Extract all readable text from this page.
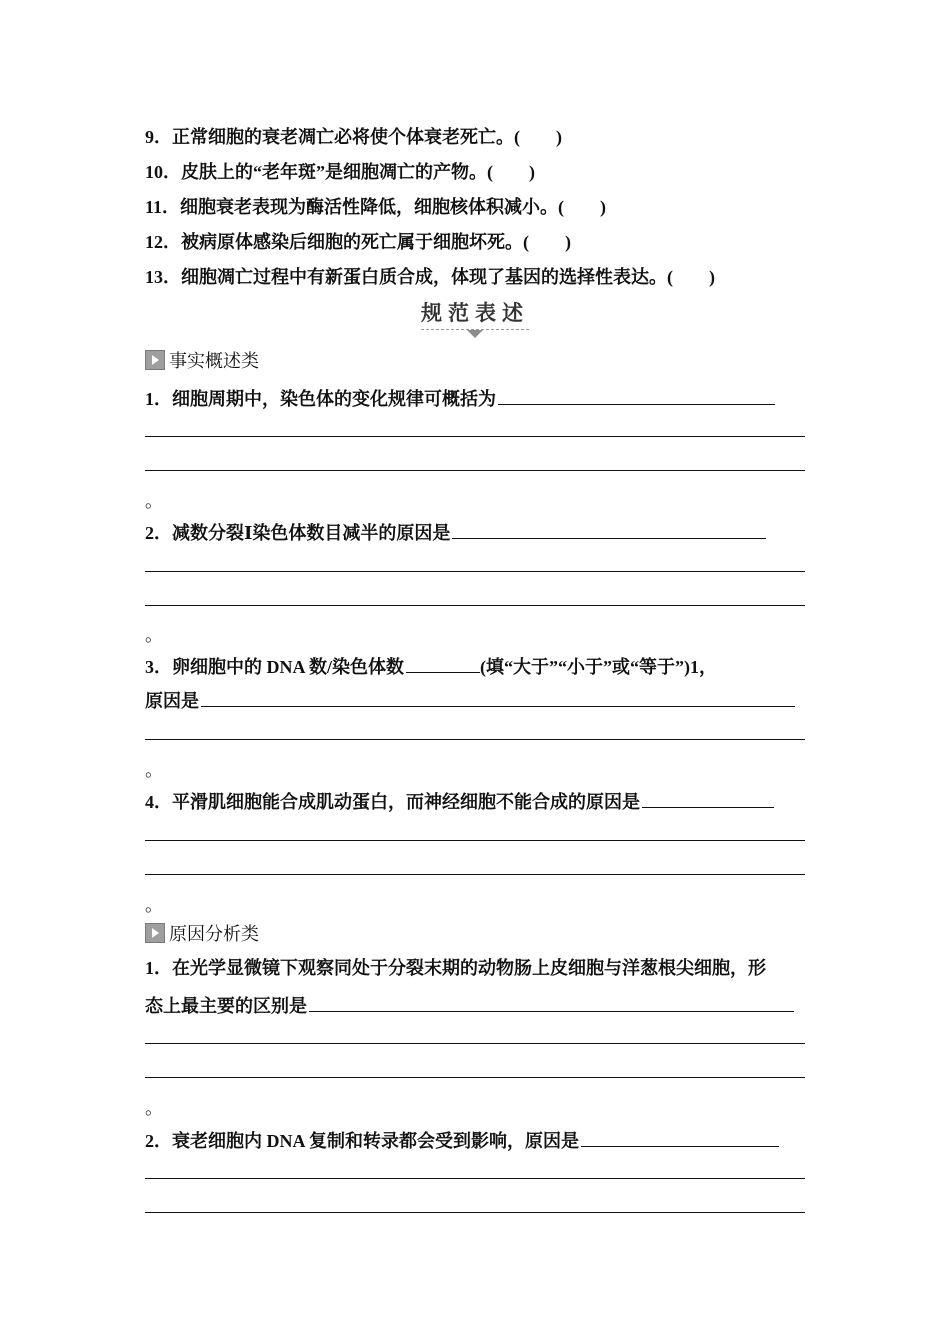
9．正常细胞的衰老凋亡必将使个体衰老死亡。(　　)
10．皮肤上的“老年斑”是细胞凋亡的产物。(　　)
11．细胞衰老表现为酶活性降低，细胞核体积减小。(　　)
12．被病原体感染后细胞的死亡属于细胞坏死。(　　)
13．细胞凋亡过程中有新蛋白质合成，体现了基因的选择性表达。(　　)
规范表述
事实概述类
1．细胞周期中，染色体的变化规律可概括为
。
2．减数分裂Ⅰ染色体数目减半的原因是
。
3．卵细胞中的 DNA 数/染色体数	(填“大于”“小于”或“等于”)1，
原因是
。
4．平滑肌细胞能合成肌动蛋白，而神经细胞不能合成的原因是
。
原因分析类
1．在光学显微镜下观察同处于分裂末期的动物肠上皮细胞与洋葱根尖细胞，形
态上最主要的区别是
。
2．衰老细胞内 DNA 复制和转录都会受到影响，原因是
